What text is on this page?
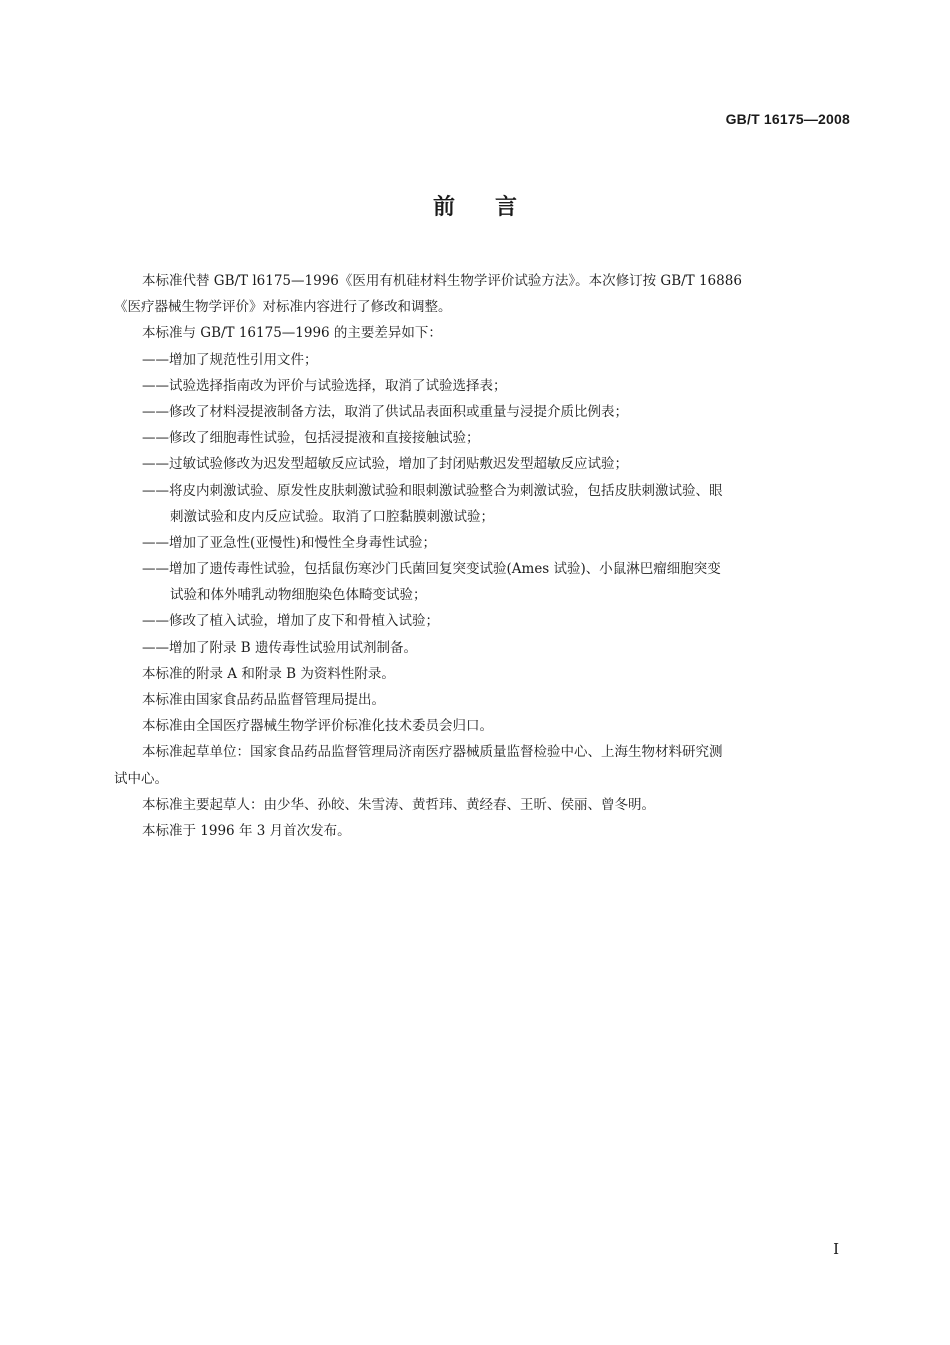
GB/T 16175—2008
前言
本标准代替 GB/T l6175—1996《医用有机硅材料生物学评价试验方法》。本次修订按 GB/T 16886
《医疗器械生物学评价》对标准内容进行了修改和调整。
本标准与 GB/T 16175—1996 的主要差异如下：
——增加了规范性引用文件；
——试验选择指南改为评价与试验选择，取消了试验选择表；
——修改了材料浸提液制备方法，取消了供试品表面积或重量与浸提介质比例表；
——修改了细胞毒性试验，包括浸提液和直接接触试验；
——过敏试验修改为迟发型超敏反应试验，增加了封闭贴敷迟发型超敏反应试验；
——将皮内刺激试验、原发性皮肤刺激试验和眼刺激试验整合为刺激试验，包括皮肤刺激试验、眼
刺激试验和皮内反应试验。取消了口腔黏膜刺激试验；
——增加了亚急性(亚慢性)和慢性全身毒性试验；
——增加了遗传毒性试验，包括鼠伤寒沙门氏菌回复突变试验(Ames 试验)、小鼠淋巴瘤细胞突变
试验和体外哺乳动物细胞染色体畸变试验；
——修改了植入试验，增加了皮下和骨植入试验；
——增加了附录 B 遗传毒性试验用试剂制备。
本标准的附录 A 和附录 B 为资料性附录。
本标准由国家食品药品监督管理局提出。
本标准由全国医疗器械生物学评价标准化技术委员会归口。
本标准起草单位：国家食品药品监督管理局济南医疗器械质量监督检验中心、上海生物材料研究测
试中心。
本标准主要起草人：由少华、孙皎、朱雪涛、黄哲玮、黄经春、王昕、侯丽、曾冬明。
本标准于 1996 年 3 月首次发布。
I
